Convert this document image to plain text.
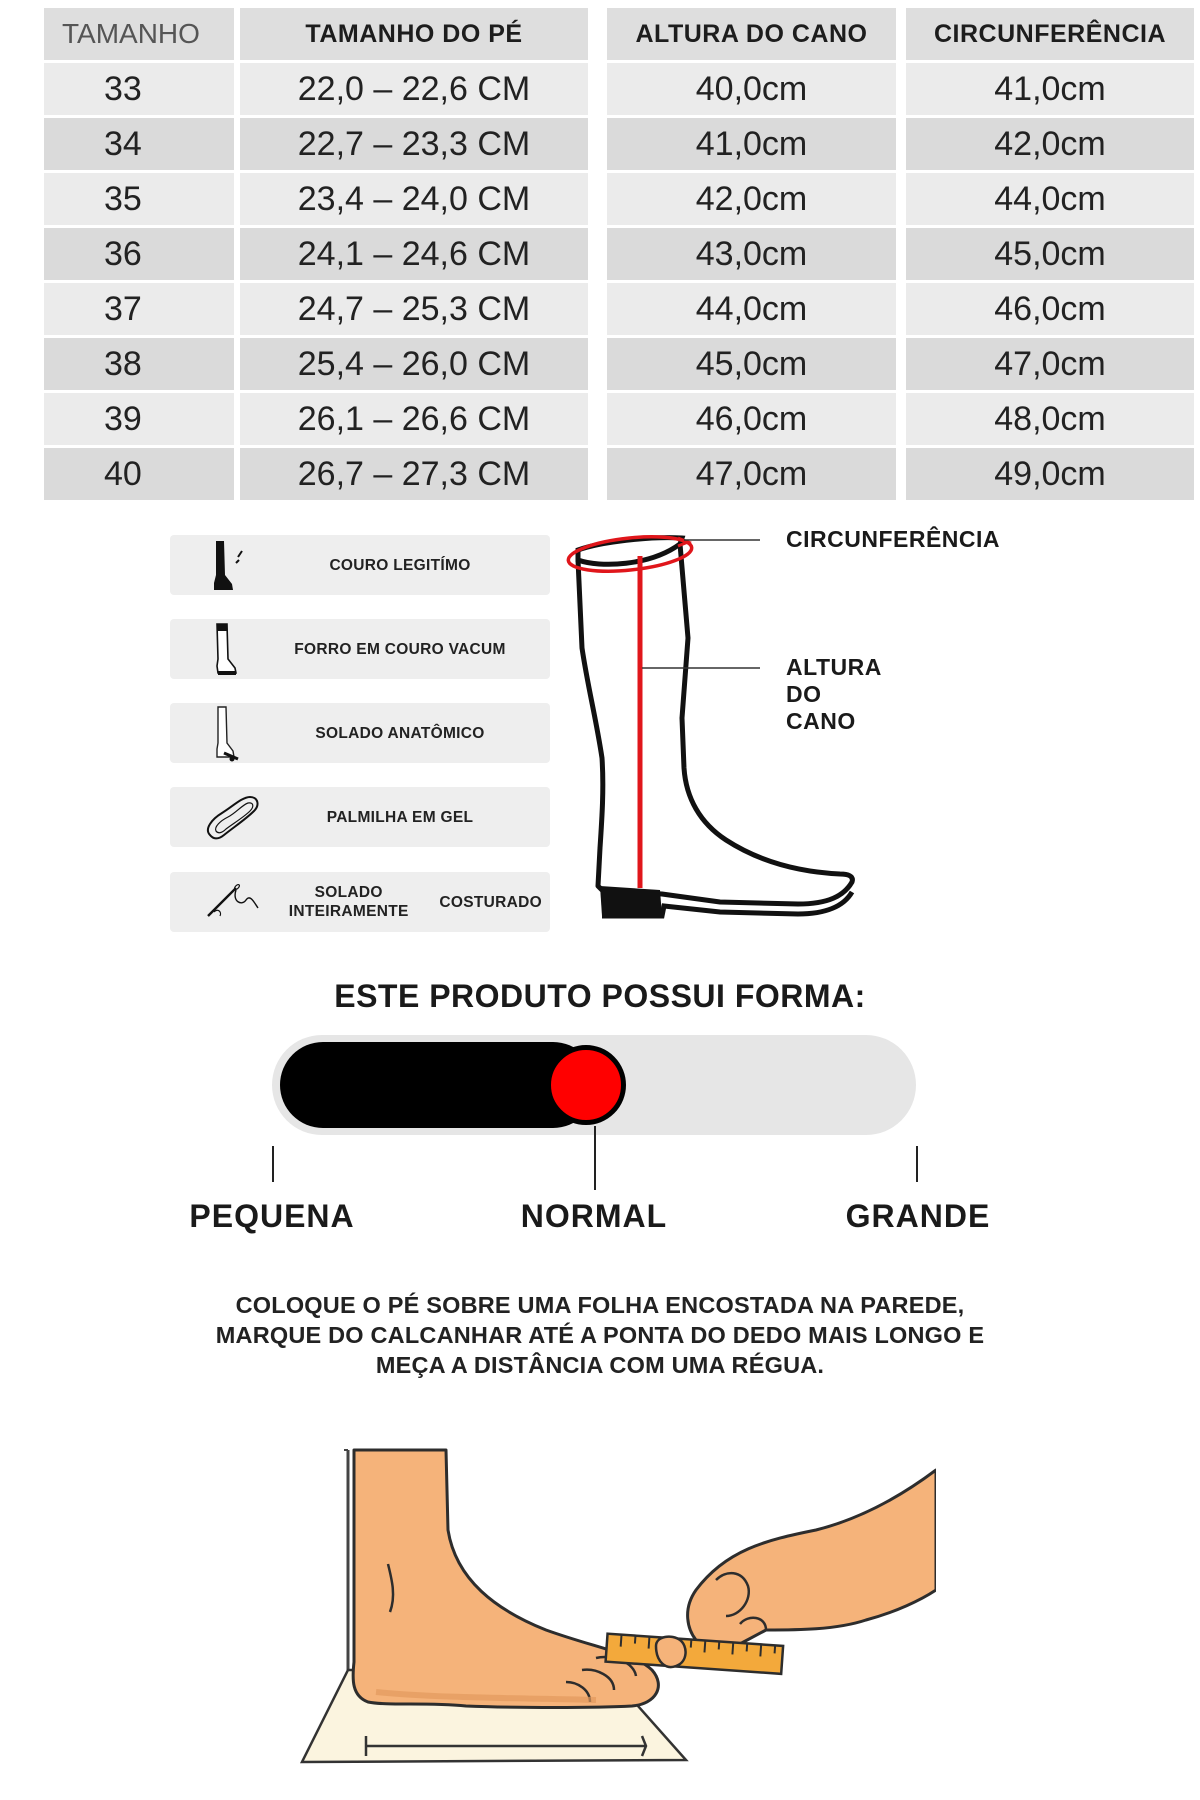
TAMANHO	TAMANHO DO PÉ	ALTURA DO CANO	CIRCUNFERÊNCIA
33	22,0 – 22,6 CM	40,0cm	41,0cm
34	22,7 – 23,3 CM	41,0cm	42,0cm
35	23,4 – 24,0 CM	42,0cm	44,0cm
36	24,1 – 24,6 CM	43,0cm	45,0cm
37	24,7 – 25,3 CM	44,0cm	46,0cm
38	25,4 – 26,0 CM	45,0cm	47,0cm
39	26,1 – 26,6 CM	46,0cm	48,0cm
40	26,7 – 27,3 CM	47,0cm	49,0cm
COURO LEGITÍMO
FORRO EM COURO VACUM
SOLADO ANATÔMICO
PALMILHA EM GEL
SOLADO INTEIRAMENTE
COSTURADO
CIRCUNFERÊNCIA
ALTURA DO CANO
ESTE PRODUTO POSSUI FORMA:
PEQUENA	NORMAL	GRANDE
COLOQUE O PÉ SOBRE UMA FOLHA ENCOSTADA NA PAREDE,
MARQUE DO CALCANHAR ATÉ A PONTA DO DEDO MAIS LONGO E
MEÇA A DISTÂNCIA COM UMA RÉGUA.
